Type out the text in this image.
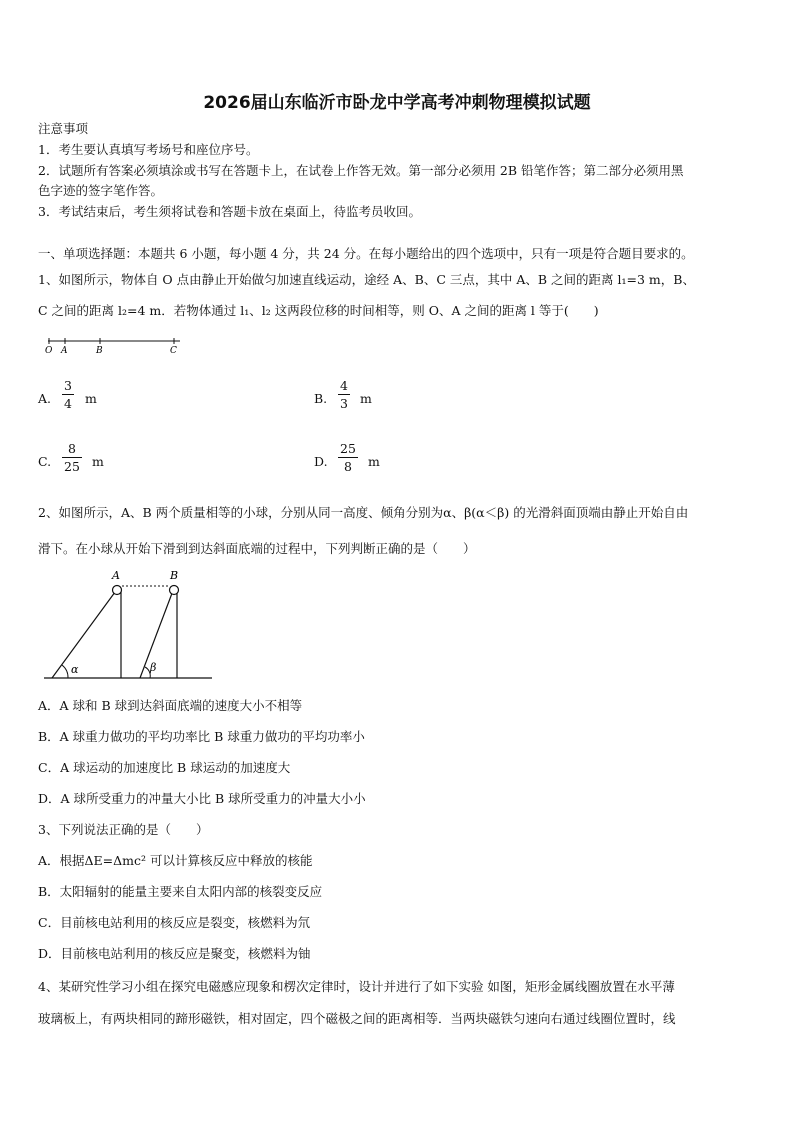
2026届山东临沂市卧龙中学高考冲刺物理模拟试题
注意事项
1．考生要认真填写考场号和座位序号。
2．试题所有答案必须填涂或书写在答题卡上，在试卷上作答无效。第一部分必须用 2B 铅笔作答；第二部分必须用黑
色字迹的签字笔作答。
3．考试结束后，考生须将试卷和答题卡放在桌面上，待监考员收回。
一、单项选择题：本题共 6 小题，每小题 4 分，共 24 分。在每小题给出的四个选项中，只有一项是符合题目要求的。
1、如图所示，物体自 O 点由静止开始做匀加速直线运动，途经 A、B、C 三点，其中 A、B 之间的距离 l₁=3 m，B、
C 之间的距离 l₂=4 m．若物体通过 l₁、l₂ 这两段位移的时间相等，则 O、A 之间的距离 l 等于(　　)
O A	B	C
A.
3
4 m	B.
4
3 m
C.
8
25 m	D.
25
8 m
2、如图所示，A、B 两个质量相等的小球，分别从同一高度、倾角分别为α、β(α＜β) 的光滑斜面顶端由静止开始自由
滑下。在小球从开始下滑到到达斜面底端的过程中，下列判断正确的是（　　）
A	B
α	β
A．A 球和 B 球到达斜面底端的速度大小不相等
B．A 球重力做功的平均功率比 B 球重力做功的平均功率小
C．A 球运动的加速度比 B 球运动的加速度大
D．A 球所受重力的冲量大小比 B 球所受重力的冲量大小小
3、下列说法正确的是（　　）
A．根据ΔE=Δmc² 可以计算核反应中释放的核能
B．太阳辐射的能量主要来自太阳内部的核裂变反应
C．目前核电站利用的核反应是裂变，核燃料为氘
D．目前核电站利用的核反应是聚变，核燃料为铀
4、某研究性学习小组在探究电磁感应现象和楞次定律时，设计并进行了如下实验 如图，矩形金属线圈放置在水平薄
玻璃板上，有两块相同的蹄形磁铁，相对固定，四个磁极之间的距离相等．当两块磁铁匀速向右通过线圈位置时，线
